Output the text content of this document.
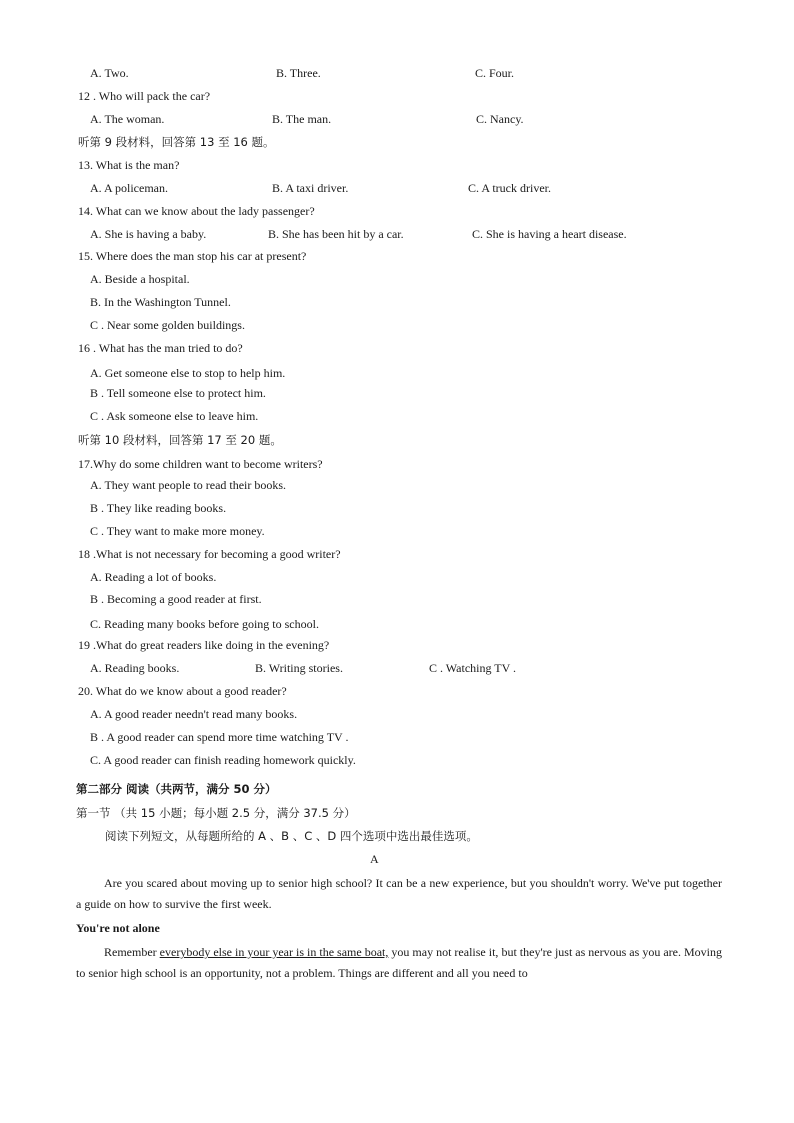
A. Two.	B. Three.	C. Four.
12 . Who will pack the car?
A. The woman.	B. The man.	C. Nancy.
听第 9 段材料，回答第 13 至 16 题。
13. What is the man?
A. A policeman.	B. A taxi driver.	C. A truck driver.
14. What can we know about the lady passenger?
A. She is having a baby.	B. She has been hit by a car.	C. She is having a heart disease.
15. Where does the man stop his car at present?
A. Beside a hospital.
B. In the Washington Tunnel.
C . Near some golden buildings.
16 . What has the man tried to do?
A. Get someone else to stop to help him.
B . Tell someone else to protect him.
C . Ask someone else to leave him.
听第 10 段材料，回答第 17 至 20 题。
17.Why do some children want to become writers?
A. They want people to read their books.
B . They like reading books.
C . They want to make more money.
18 .What is not necessary for becoming a good writer?
A. Reading a lot of books.
B . Becoming a good reader at first.
C. Reading many books before going to school.
19 .What do great readers like doing in the evening?
A. Reading books.	B. Writing stories.	C . Watching TV .
20. What do we know about a good reader?
A. A good reader needn't read many books.
B . A good reader can spend more time watching TV .
C. A good reader can finish reading homework quickly.
第二部分 阅读（共两节，满分 50 分）
第一节 （共 15 小题；每小题 2.5 分，满分 37.5 分）
阅读下列短文，从每题所给的 A 、B 、C 、D 四个选项中选出最佳选项。
A
Are you scared about moving up to senior high school? It can be a new experience, but you shouldn't worry. We've put together a guide on how to survive the first week.
You're not alone
Remember everybody else in your year is in the same boat, you may not realise it, but they're just as nervous as you are. Moving to senior high school is an opportunity, not a problem. Things are different and all you need to
